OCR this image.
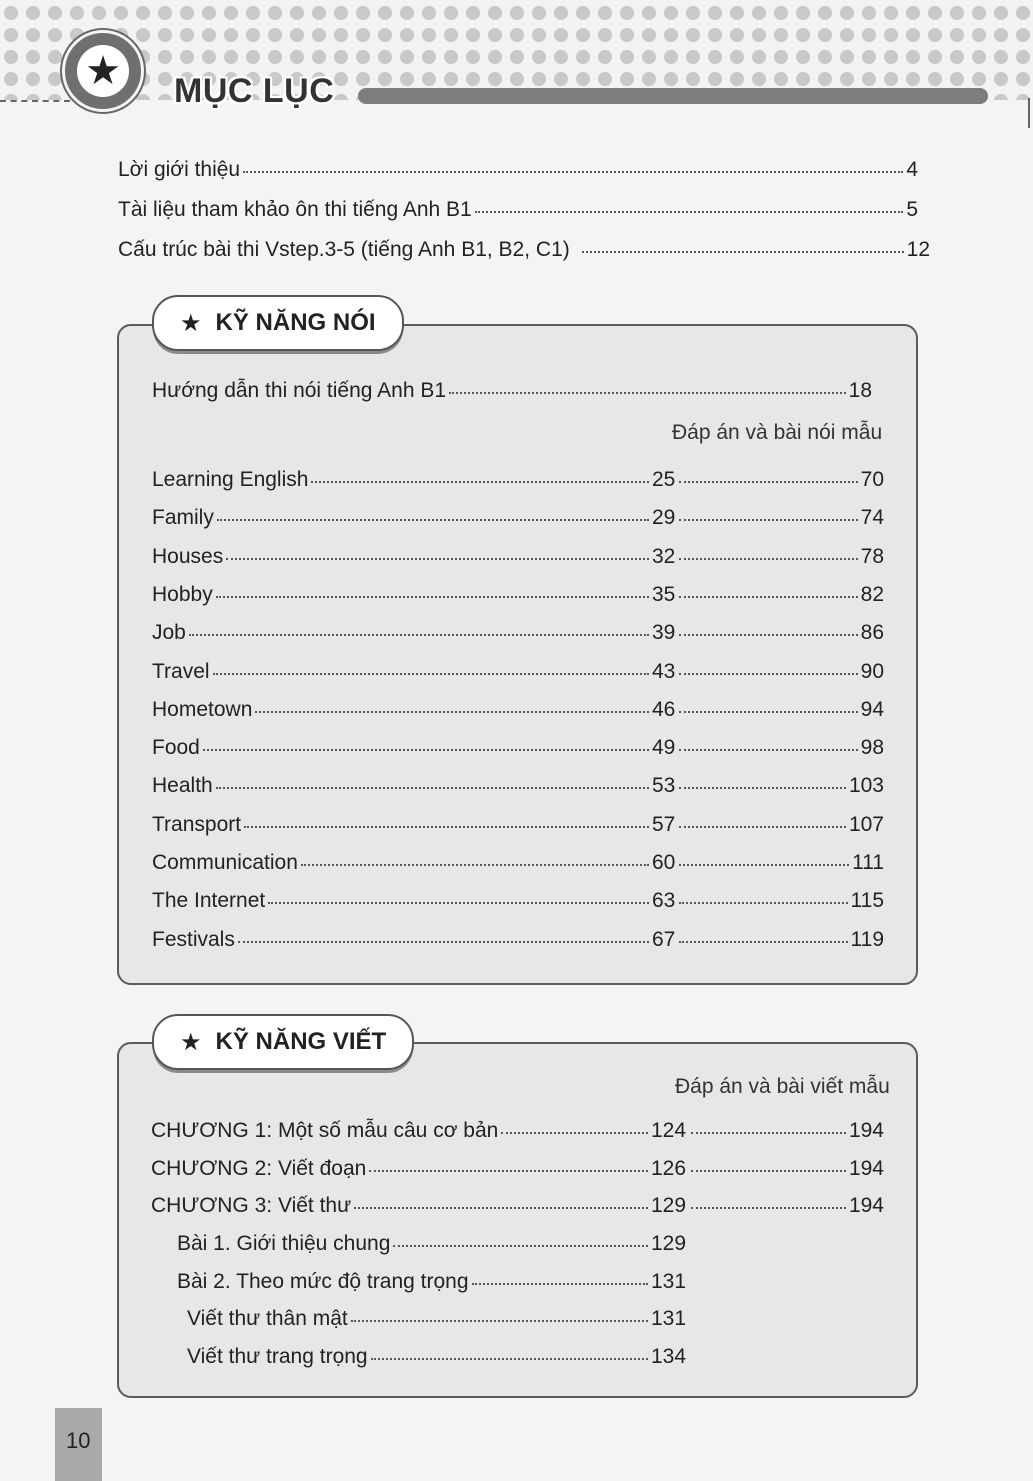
★ MỤC LỤC
Lời giới thiệu	4
Tài liệu tham khảo ôn thi tiếng Anh B1	5
Cấu trúc bài thi Vstep.3-5 (tiếng Anh B1, B2, C1)	12
★ KỸ NĂNG NÓI
Hướng dẫn thi nói tiếng Anh B1	18
Đáp án và bài nói mẫu
Learning English	25	70
Family	29	74
Houses	32	78
Hobby	35	82
Job	39	86
Travel	43	90
Hometown	46	94
Food	49	98
Health	53	103
Transport	57	107
Communication	60	111
The Internet	63	115
Festivals	67	119
★ KỸ NĂNG VIẾT
Đáp án và bài viết mẫu
CHƯƠNG 1: Một số mẫu câu cơ bản	124	194
CHƯƠNG 2: Viết đoạn	126	194
CHƯƠNG 3: Viết thư	129	194
Bài 1. Giới thiệu chung	129
Bài 2. Theo mức độ trang trọng	131
Viết thư thân mật	131
Viết thư trang trọng	134
10
